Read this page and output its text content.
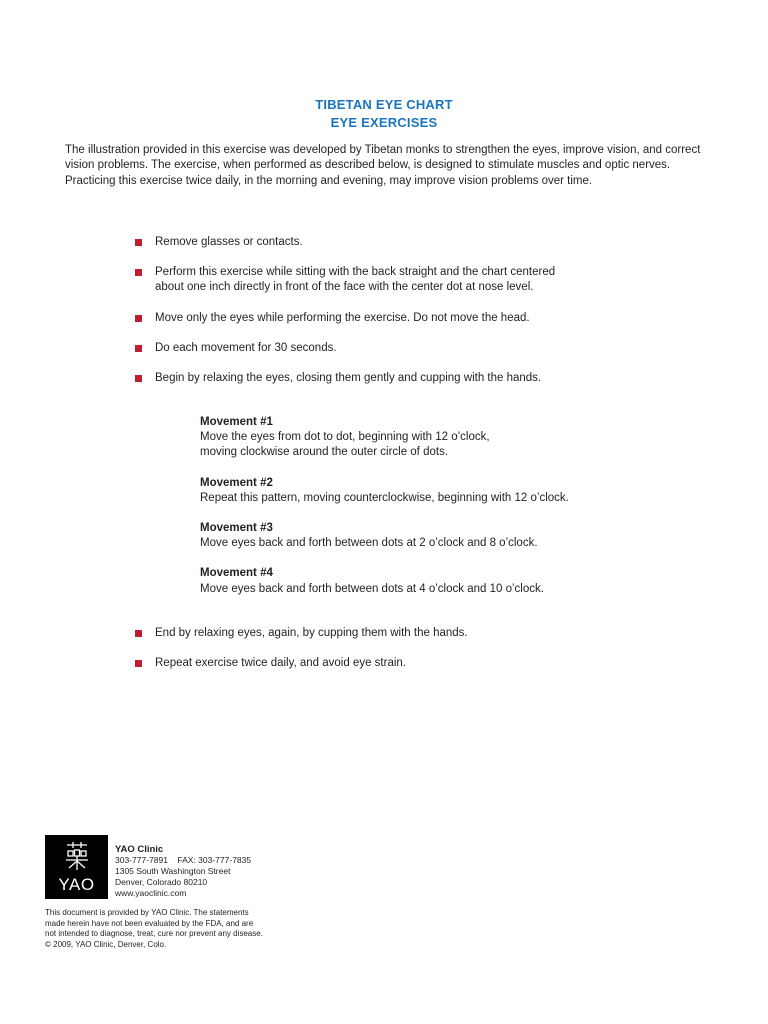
TIBETAN EYE CHART
EYE EXERCISES

The illustration provided in this exercise was developed by Tibetan monks to strengthen the eyes, improve vision, and correct vision problems. The exercise, when performed as described below, is designed to stimulate muscles and optic nerves. Practicing this exercise twice daily, in the morning and evening, may improve vision problems over time.

Remove glasses or contacts.
Perform this exercise while sitting with the back straight and the chart centered
about one inch directly in front of the face with the center dot at nose level.
Move only the eyes while performing the exercise. Do not move the head.
Do each movement for 30 seconds.
Begin by relaxing the eyes, closing them gently and cupping with the hands.
Movement #1
Move the eyes from dot to dot, beginning with 12 o’clock,
moving clockwise around the outer circle of dots.
Movement #2
Repeat this pattern, moving counterclockwise, beginning with 12 o’clock.
Movement #3
Move eyes back and forth between dots at 2 o’clock and 8 o’clock.
Movement #4
Move eyes back and forth between dots at 4 o’clock and 10 o’clock.
End by relaxing eyes, again, by cupping them with the hands.
Repeat exercise twice daily, and avoid eye strain.
YAO
YAO Clinic
303-777-7891    FAX: 303-777-7835
1305 South Washington Street
Denver, Colorado 80210
www.yaoclinic.com
This document is provided by YAO Clinic. The statements
made herein have not been evaluated by the FDA, and are
not intended to diagnose, treat, cure nor prevent any disease.
© 2009, YAO Clinic, Denver, Colo.
